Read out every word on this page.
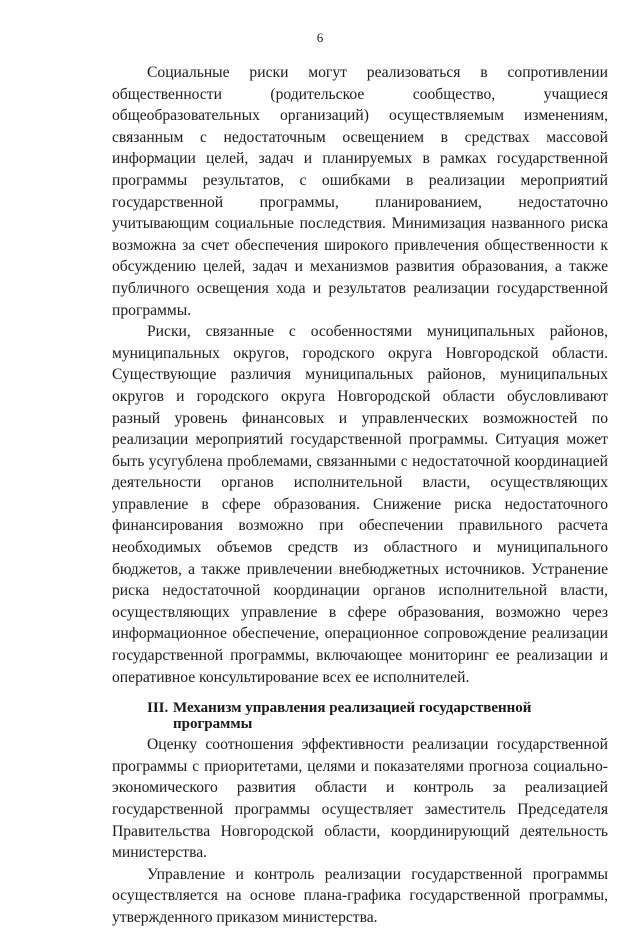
6

Социальные риски могут реализоваться в сопротивлении общественности (родительское сообщество, учащиеся общеобразовательных организаций) осуществляемым изменениям, связанным с недостаточным освещением в средствах массовой информации целей, задач и планируемых в рамках государственной программы результатов, с ошибками в реализации мероприятий государственной программы, планированием, недостаточно учитывающим социальные последствия. Минимизация названного риска возможна за счет обеспечения широкого привлечения общественности к обсуждению целей, задач и механизмов развития образования, а также публичного освещения хода и результатов реализации государственной программы.

Риски, связанные с особенностями муниципальных районов, муниципальных округов, городского округа Новгородской области. Существующие различия муниципальных районов, муниципальных округов и городского округа Новгородской области обусловливают разный уровень финансовых и управленческих возможностей по реализации мероприятий государственной программы. Ситуация может быть усугублена проблемами, связанными с недостаточной координацией деятельности органов исполнительной власти, осуществляющих управление в сфере образования. Снижение риска недостаточного финансирования возможно при обеспечении правильного расчета необходимых объемов средств из областного и муниципального бюджетов, а также привлечении внебюджетных источников. Устранение риска недостаточной координации органов исполнительной власти, осуществляющих управление в сфере образования, возможно через информационное обеспечение, операционное сопровождение реализации государственной программы, включающее мониторинг ее реализации и оперативное консультирование всех ее исполнителей.

III. Механизм управления реализацией государственной
программы

Оценку соотношения эффективности реализации государственной программы с приоритетами, целями и показателями прогноза социально-экономического развития области и контроль за реализацией государственной программы осуществляет заместитель Председателя Правительства Новгородской области, координирующий деятельность министерства.

Управление и контроль реализации государственной программы осуществляется на основе плана-графика государственной программы, утвержденного приказом министерства.
